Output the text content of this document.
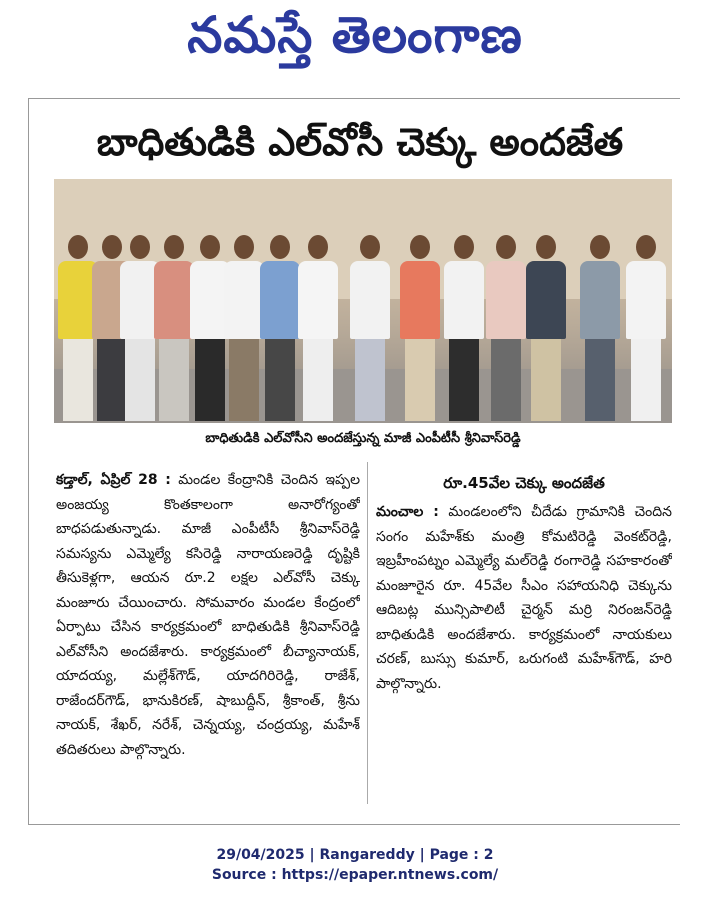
నమస్తే తెలంగాణ
బాధితుడికి ఎల్‌వోసీ చెక్కు అందజేత
బాధితుడికి ఎల్‌వోసీని అందజేస్తున్న మాజీ ఎంపీటీసీ శ్రీనివాస్‌రెడ్డి
కడ్తాల్, ఏప్రిల్ 28 : మండల కేంద్రానికి చెందిన ఇప్పల అంజయ్య కొంతకాలంగా అనారోగ్యంతో బాధపడుతున్నాడు. మాజీ ఎంపీటీసీ శ్రీనివాస్‌రెడ్డి సమస్యను ఎమ్మెల్యే కసిరెడ్డి నారాయణరెడ్డి దృష్టికి తీసుకెళ్లగా, ఆయన రూ.2 లక్షల ఎల్‌వోసీ చెక్కు మంజూరు చేయించారు. సోమవారం మండల కేంద్రంలో ఏర్పాటు చేసిన కార్యక్రమంలో బాధితుడికి శ్రీనివాస్‌రెడ్డి ఎల్‌వోసీని అందజేశారు. కార్యక్రమంలో బీచ్యానాయక్, యాదయ్య, మల్లేశ్‌గౌడ్, యాదగిరిరెడ్డి, రాజేశ్, రాజేందర్‌గౌడ్, భానుకిరణ్, షాబుద్దీన్, శ్రీకాంత్, శ్రీను నాయక్, శేఖర్, నరేశ్, చెన్నయ్య, చంద్రయ్య, మహేశ్ తదితరులు పాల్గొన్నారు.
రూ.45వేల చెక్కు అందజేత
మంచాల : మండలంలోని చీదేడు గ్రామానికి చెందిన సంగం మహేశ్‌కు మంత్రి కోమటిరెడ్డి వెంకట్‌రెడ్డి, ఇబ్రహీంపట్నం ఎమ్మెల్యే మల్‌రెడ్డి రంగారెడ్డి సహకారంతో మంజూరైన రూ. 45వేల సీఎం సహాయనిధి చెక్కును ఆదిబట్ల మున్సిపాలిటీ చైర్మన్ మర్రి నిరంజన్‌రెడ్డి బాధితుడికి అందజేశారు. కార్యక్రమంలో నాయకులు చరణ్, బుస్సు కుమార్, ఒరుగంటి మహేశ్‌గౌడ్, హరి పాల్గొన్నారు.
29/04/2025 | Rangareddy | Page : 2
Source : https://epaper.ntnews.com/
